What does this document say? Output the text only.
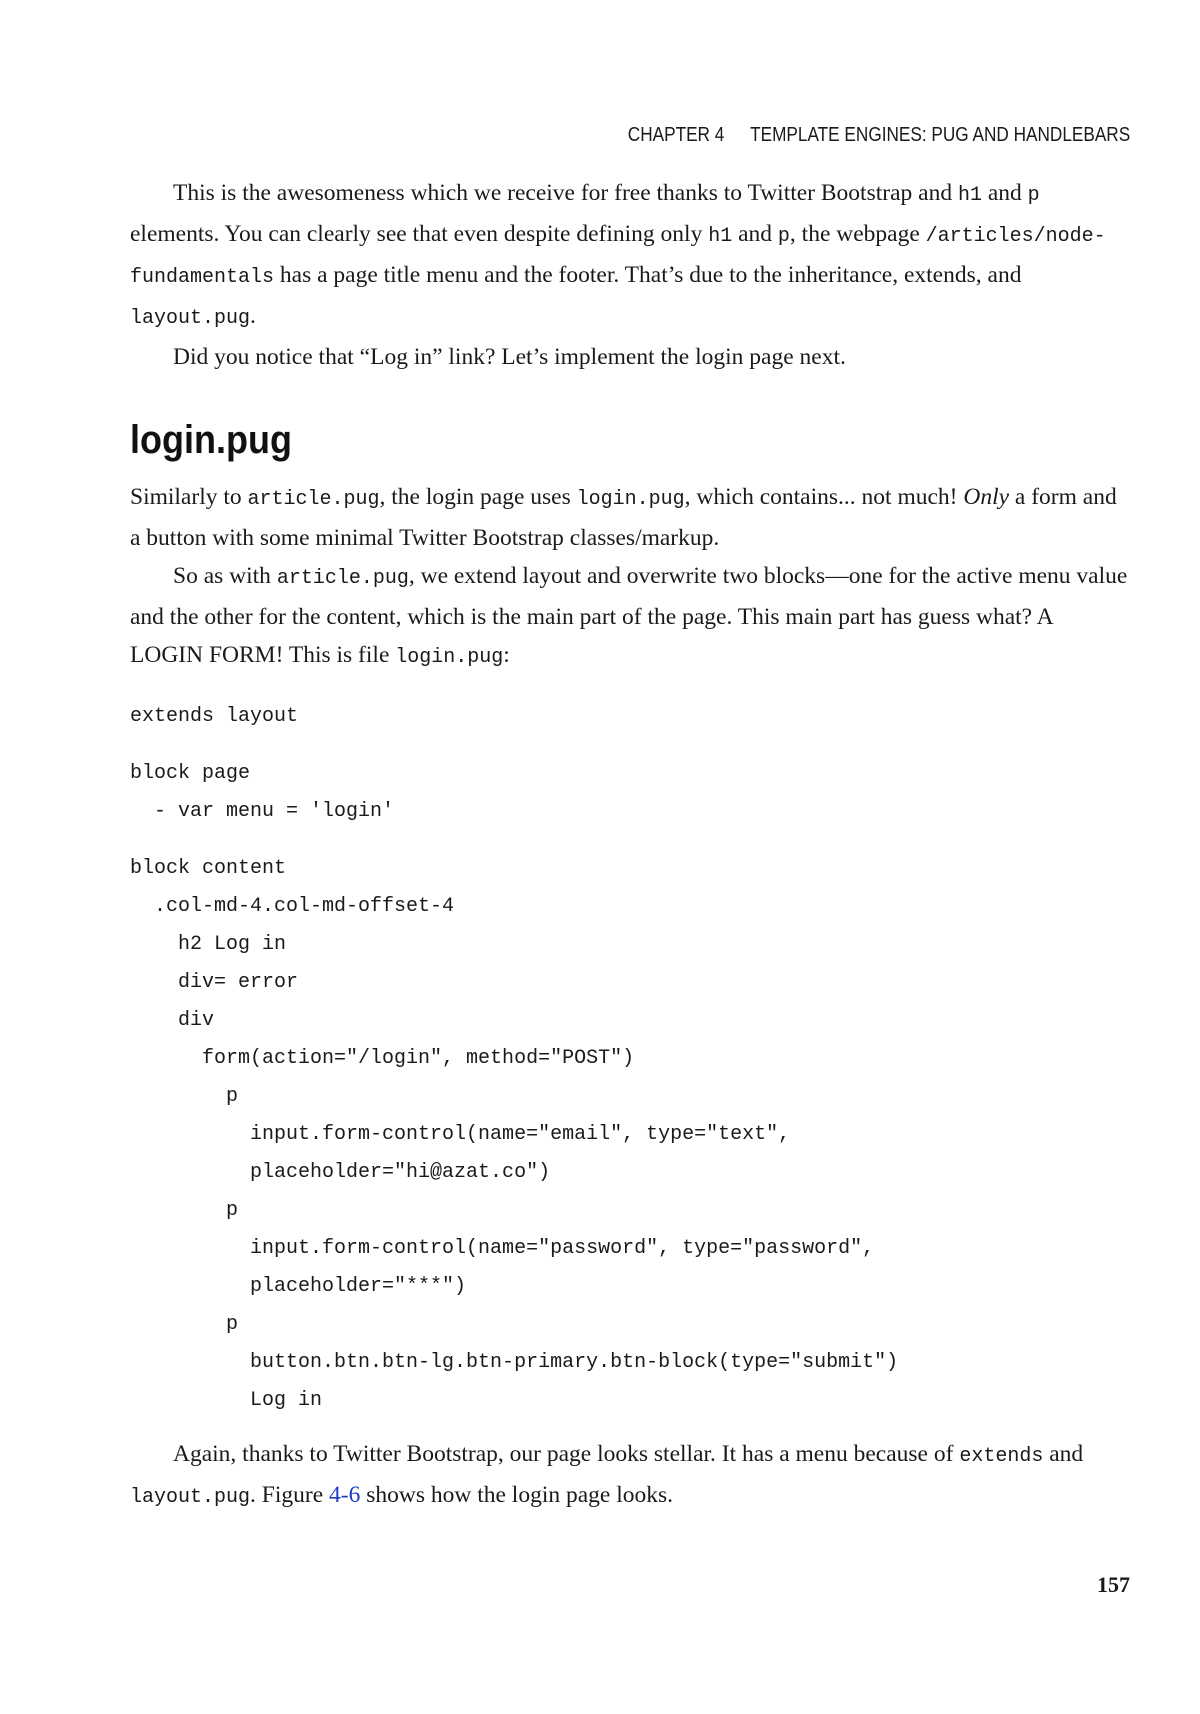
CHAPTER 4 TEMPLATE ENGINES: PUG AND HANDLEBARS

This is the awesomeness which we receive for free thanks to Twitter Bootstrap and h1 and p elements. You can clearly see that even despite defining only h1 and p, the webpage /articles/node-fundamentals has a page title menu and the footer. That’s due to the inheritance, extends, and layout.pug.

Did you notice that “Log in” link? Let’s implement the login page next.

login.pug

Similarly to article.pug, the login page uses login.pug, which contains... not much! Only a form and a button with some minimal Twitter Bootstrap classes/markup.

So as with article.pug, we extend layout and overwrite two blocks—one for the active menu value and the other for the content, which is the main part of the page. This main part has guess what? A LOGIN FORM! This is file login.pug:

extends layout
block page
- var menu = 'login'
block content
.col-md-4.col-md-offset-4
h2 Log in
div= error
div
form(action="/login", method="POST")
p
input.form-control(name="email", type="text",
placeholder="hi@azat.co")
p
input.form-control(name="password", type="password",
placeholder="***")
p
button.btn.btn-lg.btn-primary.btn-block(type="submit")
Log in

Again, thanks to Twitter Bootstrap, our page looks stellar. It has a menu because of extends and layout.pug. Figure 4-6 shows how the login page looks.

157
